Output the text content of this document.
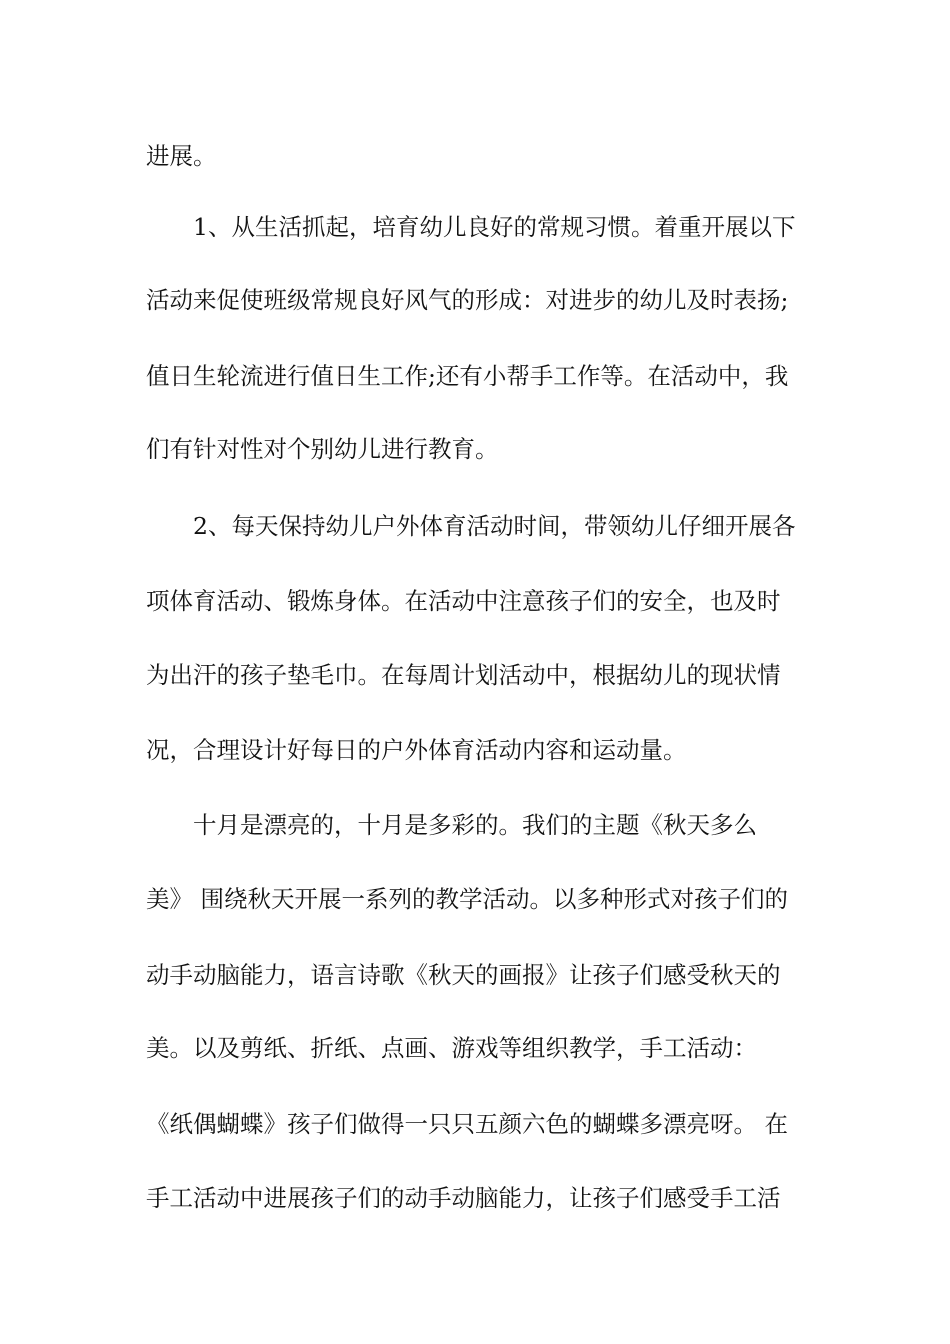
进展。
1、从生活抓起，培育幼儿良好的常规习惯。着重开展以下
活动来促使班级常规良好风气的形成：对进步的幼儿及时表扬;
值日生轮流进行值日生工作;还有小帮手工作等。在活动中，我
们有针对性对个别幼儿进行教育。
2、每天保持幼儿户外体育活动时间，带领幼儿仔细开展各
项体育活动、锻炼身体。在活动中注意孩子们的安全，也及时
为出汗的孩子垫毛巾。在每周计划活动中，根据幼儿的现状情
况，合理设计好每日的户外体育活动内容和运动量。
十月是漂亮的，十月是多彩的。我们的主题《秋天多么
美》 围绕秋天开展一系列的教学活动。以多种形式对孩子们的
动手动脑能力，语言诗歌《秋天的画报》让孩子们感受秋天的
美。以及剪纸、折纸、点画、游戏等组织教学，手工活动：
《纸偶蝴蝶》孩子们做得一只只五颜六色的蝴蝶多漂亮呀。 在
手工活动中进展孩子们的动手动脑能力，让孩子们感受手工活
